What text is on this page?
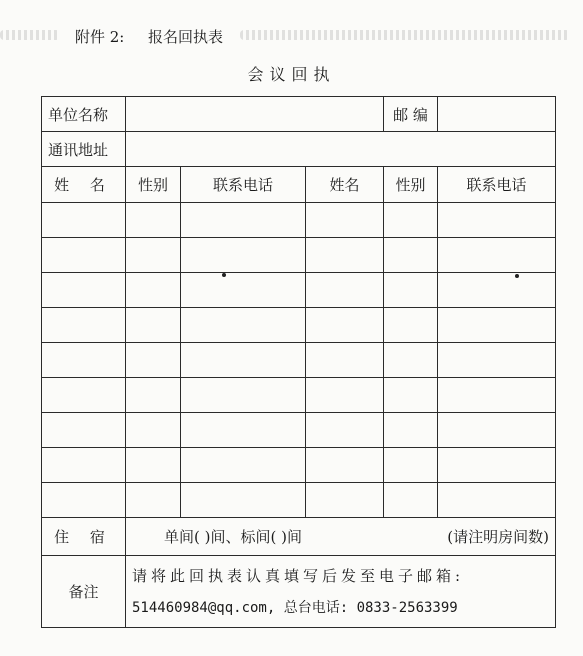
附件 2: 报名回执表
会议回执
单位名称				邮 编	
通讯地址					
姓 名	性别	联系电话	姓名	性别	联系电话

住 宿	单间( )间、标间( )间 (请注明房间数)				

备注	请将此回执表认真填写后发至电子邮箱:
514460984@qq.com, 总台电话: 0833-2563399				
